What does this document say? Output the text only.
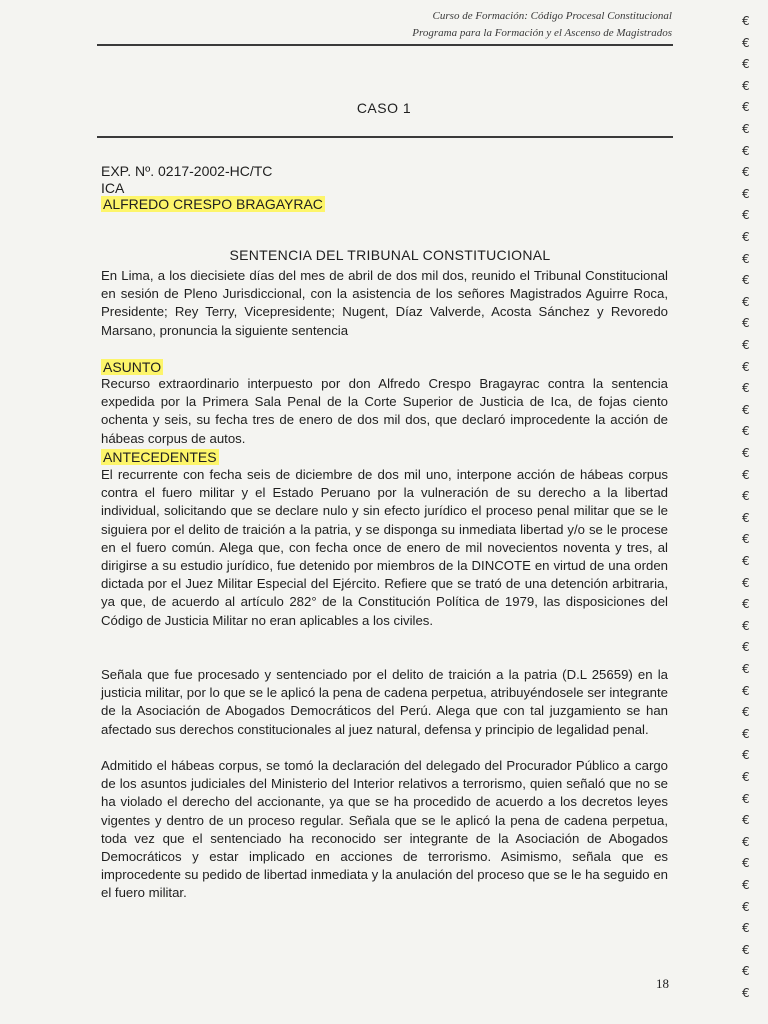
Curso de Formación: Código Procesal Constitucional
Programa para la Formación y el Ascenso de Magistrados
CASO 1
EXP. Nº. 0217-2002-HC/TC
ICA
ALFREDO CRESPO BRAGAYRAC
SENTENCIA DEL TRIBUNAL CONSTITUCIONAL

En Lima, a los diecisiete días del mes de abril de dos mil dos, reunido el Tribunal Constitucional en sesión de Pleno Jurisdiccional, con la asistencia de los señores Magistrados Aguirre Roca, Presidente; Rey Terry, Vicepresidente; Nugent, Díaz Valverde, Acosta Sánchez y Revoredo Marsano, pronuncia la siguiente sentencia

ASUNTO

Recurso extraordinario interpuesto por don Alfredo Crespo Bragayrac contra la sentencia expedida por la Primera Sala Penal de la Corte Superior de Justicia de Ica, de fojas ciento ochenta y seis, su fecha tres de enero de dos mil dos, que declaró improcedente la acción de hábeas corpus de autos.

ANTECEDENTES

El recurrente con fecha seis de diciembre de dos mil uno, interpone acción de hábeas corpus contra el fuero militar y el Estado Peruano por la vulneración de su derecho a la libertad individual, solicitando que se declare nulo y sin efecto jurídico el proceso penal militar que se le siguiera por el delito de traición a la patria, y se disponga su inmediata libertad y/o se le procese en el fuero común. Alega que, con fecha once de enero de mil novecientos noventa y tres, al dirigirse a su estudio jurídico, fue detenido por miembros de la DINCOTE en virtud de una orden dictada por el Juez Militar Especial del Ejército. Refiere que se trató de una detención arbitraria, ya que, de acuerdo al artículo 282° de la Constitución Política de 1979, las disposiciones del Código de Justicia Militar no eran aplicables a los civiles.

Señala que fue procesado y sentenciado por el delito de traición a la patria (D.L 25659) en la justicia militar, por lo que se le aplicó la pena de cadena perpetua, atribuyéndosele ser integrante de la Asociación de Abogados Democráticos del Perú. Alega que con tal juzgamiento se han afectado sus derechos constitucionales al juez natural, defensa y principio de legalidad penal.

Admitido el hábeas corpus, se tomó la declaración del delegado del Procurador Público a cargo de los asuntos judiciales del Ministerio del Interior relativos a terrorismo, quien señaló que no se ha violado el derecho del accionante, ya que se ha procedido de acuerdo a los decretos leyes vigentes y dentro de un proceso regular. Señala que se le aplicó la pena de cadena perpetua, toda vez que el sentenciado ha reconocido ser integrante de la Asociación de Abogados Democráticos y estar implicado en acciones de terrorismo. Asimismo, señala que es improcedente su pedido de libertad inmediata y la anulación del proceso que se le ha seguido en el fuero militar.

18
€
€
€
€
€
€
€
€
€
€
€
€
€
€
€
€
€
€
€
€
€
€
€
€
€
€
€
€
€
€
€
€
€
€
€
€
€
€
€
€
€
€
€
€
€
€
